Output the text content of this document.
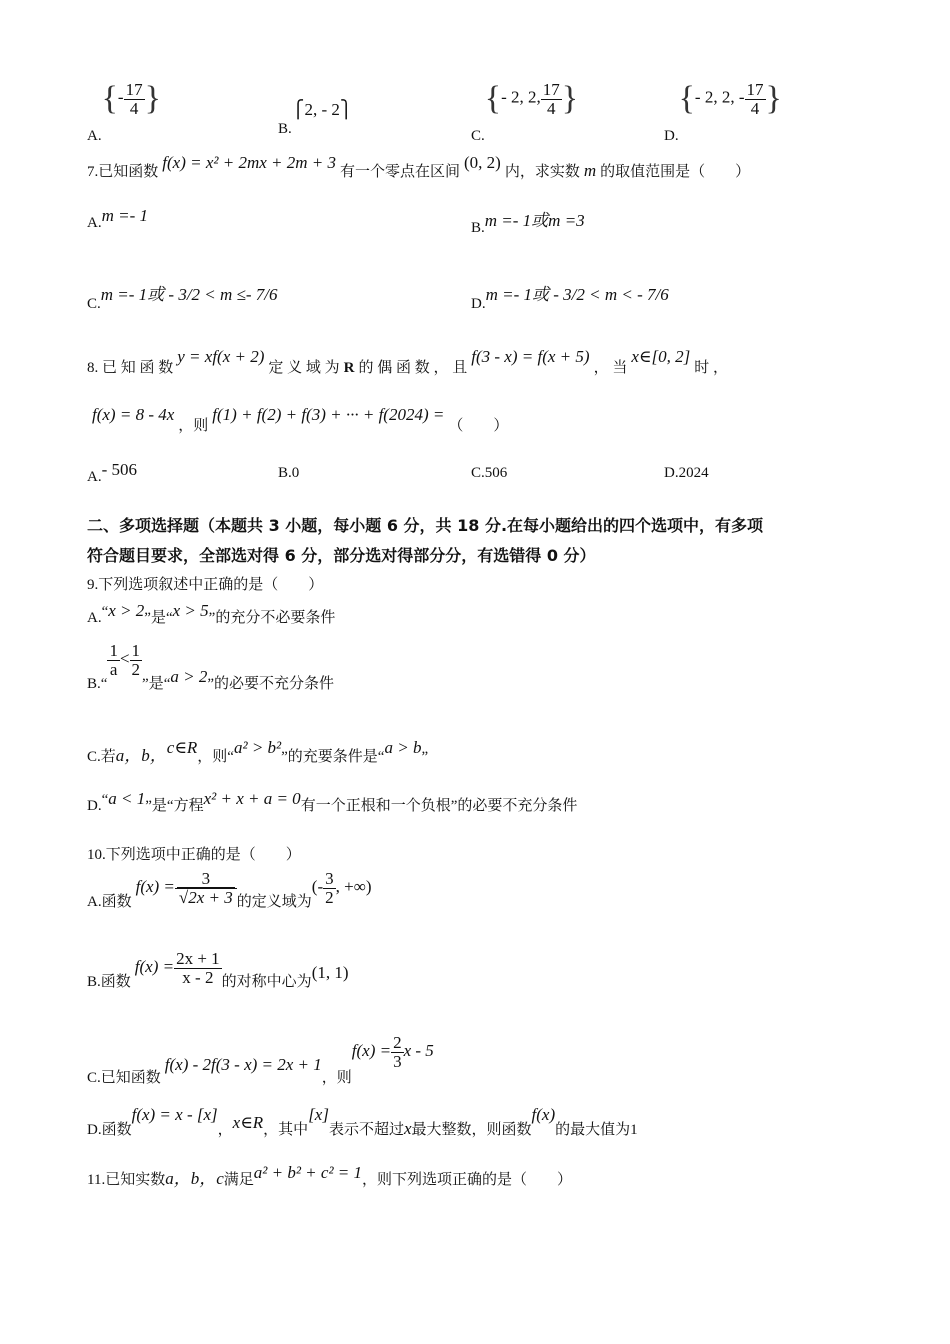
$A.\{- \frac{17}{4}$ }
B.⎧2, - 2⎫
C.{- 2, 2, $\frac{17}{4}$ }
D.{- 2, 2, - $\frac{17}{4}$ }
7.已知函数 f(x) = x² + 2mx + 2m + 3 有一个零点在区间 (0, 2) 内，求实数 m 的取值范围是（　　）
A.m =- 1
B.m =- 1或m =3
C.m =- 1或 - 3/2 < m ≤- 7/6	D.m =- 1或 - 3/2 < m < - 7/6
8. 已 知 函 数 y = xf(x + 2) 定 义 域 为 R 的 偶 函 数 ， 且 f(3 - x) = f(x + 5) ， 当 x∈[0, 2] 时 ，
f(x) = 8 - 4x ，则 f(1) + f(2) + f(3) + ··· + f(2024) = （　　）
A.- 506	B.0	C.506	D.2024
二、多项选择题（本题共 3 小题，每小题 6 分，共 18 分.在每小题给出的四个选项中，有多项
符合题目要求，全部选对得 6 分，部分选对得部分分，有选错得 0 分）
9.下列选项叙述中正确的是（　　）
A.“x > 2”是“x > 5”的充分不必要条件
B.“
$\frac{1}{a} < \frac{1}{2}$
”是“a > 2”的必要不充分条件
C.若a，b，c∈R，则“a² > b²”的充要条件是“a > b”
D.“a < 1”是“方程x² + x + a = 0有一个正根和一个负根”的必要不充分条件
10.下列选项中正确的是（　　）
A.函数 $f(x) = \frac{3}{√2x + 3}$ 的定义域为(- $\frac{3}{2}$ , +∞)
B.函数 $f(x) = \frac{2x + 1}{x - 2}$ 的对称中心为(1, 1)
C.已知函数 f(x) - 2f(3 - x) = 2x + 1，则$f(x) = \frac{2}{3}$ x - 5
D.函数f(x) = x - [x]，x∈R，其中[x]表示不超过x最大整数，则函数f(x)的最大值为1
11.已知实数a，b，c满足a² + b² + c² = 1，则下列选项正确的是（　　）
